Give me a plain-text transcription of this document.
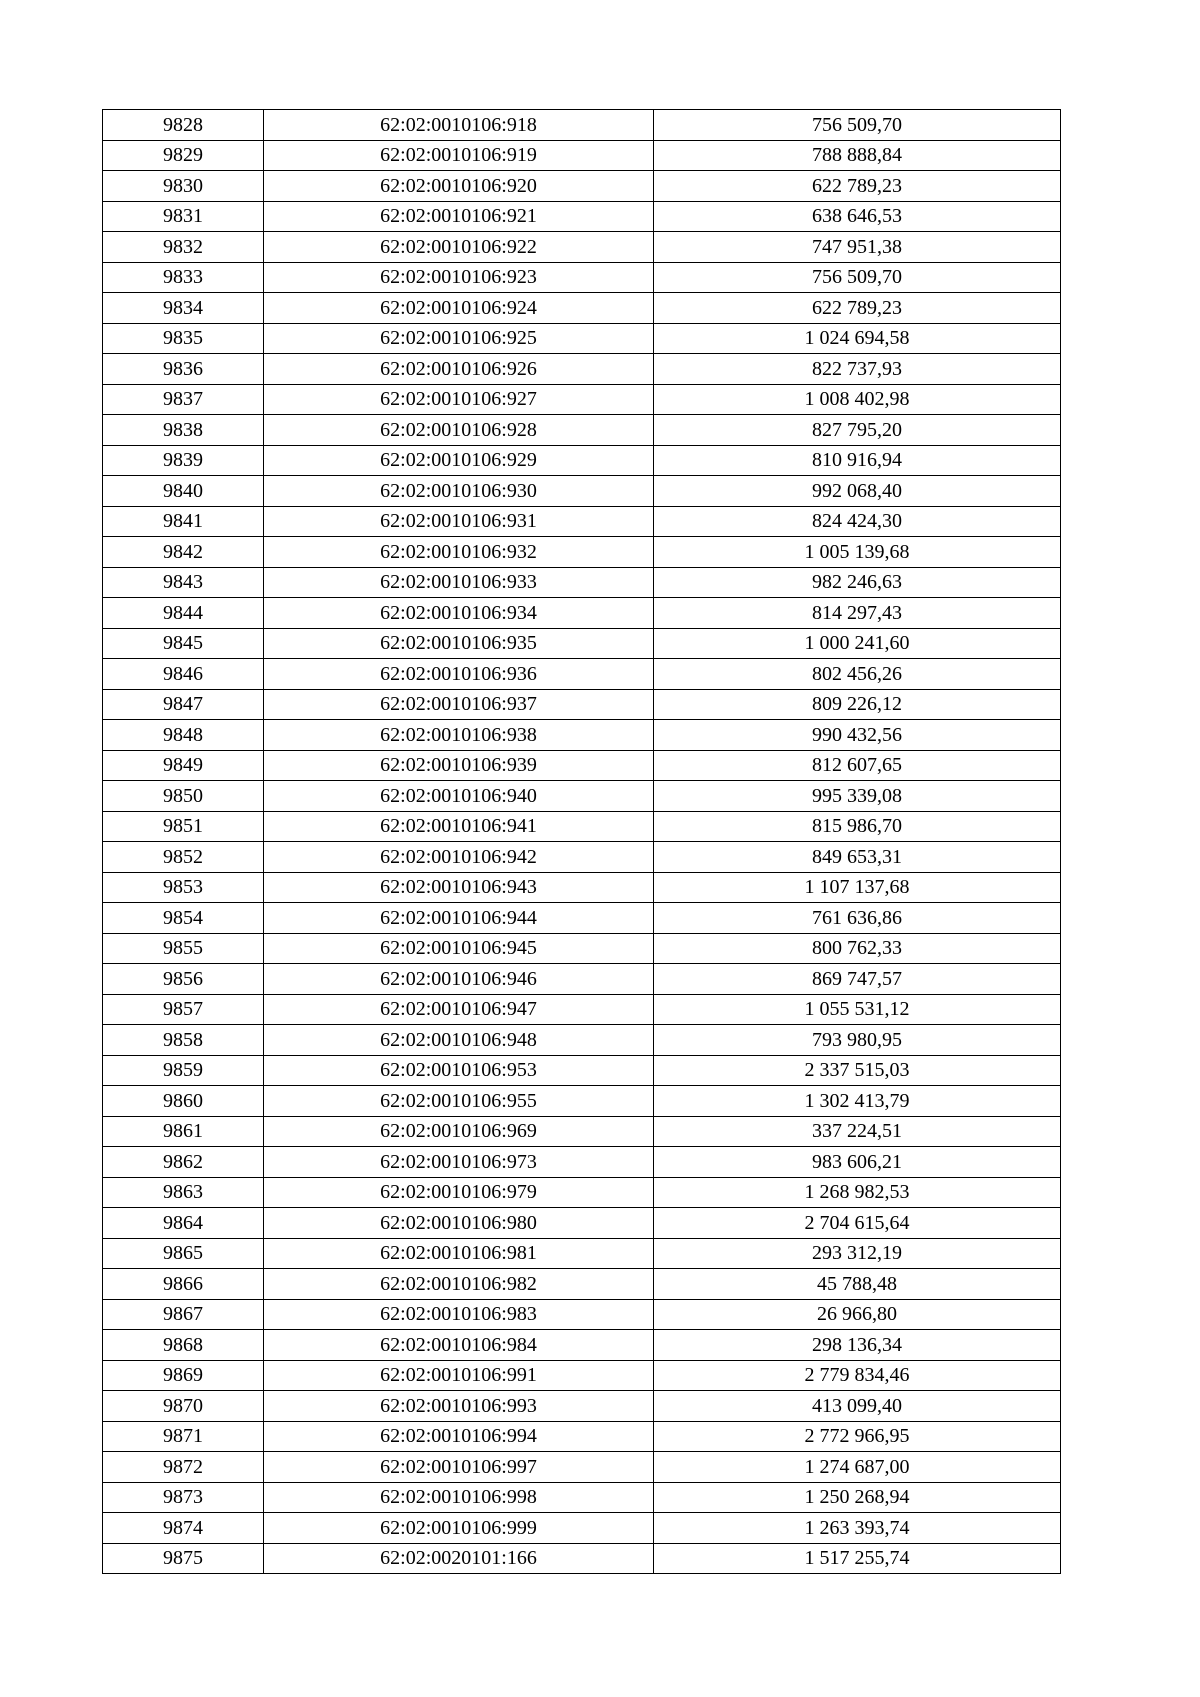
9828	62:02:0010106:918	756 509,70
9829	62:02:0010106:919	788 888,84
9830	62:02:0010106:920	622 789,23
9831	62:02:0010106:921	638 646,53
9832	62:02:0010106:922	747 951,38
9833	62:02:0010106:923	756 509,70
9834	62:02:0010106:924	622 789,23
9835	62:02:0010106:925	1 024 694,58
9836	62:02:0010106:926	822 737,93
9837	62:02:0010106:927	1 008 402,98
9838	62:02:0010106:928	827 795,20
9839	62:02:0010106:929	810 916,94
9840	62:02:0010106:930	992 068,40
9841	62:02:0010106:931	824 424,30
9842	62:02:0010106:932	1 005 139,68
9843	62:02:0010106:933	982 246,63
9844	62:02:0010106:934	814 297,43
9845	62:02:0010106:935	1 000 241,60
9846	62:02:0010106:936	802 456,26
9847	62:02:0010106:937	809 226,12
9848	62:02:0010106:938	990 432,56
9849	62:02:0010106:939	812 607,65
9850	62:02:0010106:940	995 339,08
9851	62:02:0010106:941	815 986,70
9852	62:02:0010106:942	849 653,31
9853	62:02:0010106:943	1 107 137,68
9854	62:02:0010106:944	761 636,86
9855	62:02:0010106:945	800 762,33
9856	62:02:0010106:946	869 747,57
9857	62:02:0010106:947	1 055 531,12
9858	62:02:0010106:948	793 980,95
9859	62:02:0010106:953	2 337 515,03
9860	62:02:0010106:955	1 302 413,79
9861	62:02:0010106:969	337 224,51
9862	62:02:0010106:973	983 606,21
9863	62:02:0010106:979	1 268 982,53
9864	62:02:0010106:980	2 704 615,64
9865	62:02:0010106:981	293 312,19
9866	62:02:0010106:982	45 788,48
9867	62:02:0010106:983	26 966,80
9868	62:02:0010106:984	298 136,34
9869	62:02:0010106:991	2 779 834,46
9870	62:02:0010106:993	413 099,40
9871	62:02:0010106:994	2 772 966,95
9872	62:02:0010106:997	1 274 687,00
9873	62:02:0010106:998	1 250 268,94
9874	62:02:0010106:999	1 263 393,74
9875	62:02:0020101:166	1 517 255,74
